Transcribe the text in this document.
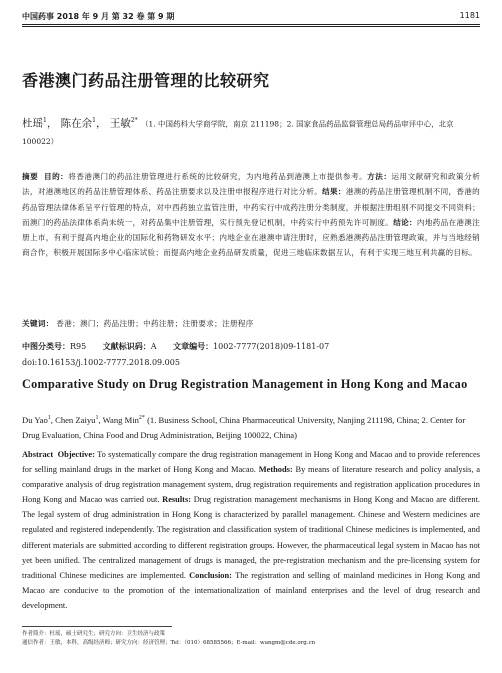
中国药事 2018 年 9 月 第 32 卷 第 9 期	1181
香港澳门药品注册管理的比较研究
杜瑶$^1$， 陈在余$^1$， 王敏$^{2*}$ （1. 中国药科大学商学院，南京 211198；2. 国家食品药品监督管理总局药品审评中心，北京 100022）
摘要 目的：将香港澳门的药品注册管理进行系统的比较研究，为内地药品到港澳上市提供参考。方法：运用文献研究和政策分析法，对港澳地区的药品注册管理体系、药品注册要求以及注册申报程序进行对比分析。结果：港澳的药品注册管理机制不同，香港的药品管理法律体系呈平行管理的特点，对中西药独立监管注册，中药实行中成药注册分类制度，并根据注册组别不同提交不同资料；而澳门的药品法律体系尚未统一，对药品集中注册管理，实行预先登记机制，中药实行中药预先许可制度。结论：内地药品在港澳注册上市，有利于提高内地企业的国际化和药物研发水平；内地企业在港澳申请注册时，应熟悉港澳药品注册管理政策，并与当地经销商合作，积极开展国际多中心临床试验；而提高内地企业药品研发质量，促进三地临床数据互认，有利于实现三地互利共赢的目标。
关键词： 香港；澳门；药品注册；中药注册；注册要求；注册程序
中图分类号：R95 文献标识码：A 文章编号：1002-7777(2018)09-1181-07
doi:10.16153/j.1002-7777.2018.09.005
Comparative Study on Drug Registration Management in Hong Kong and Macao
Du Yao$^1$, Chen Zaiyu$^1$, Wang Min$^{2*}$ (1. Business School, China Pharmaceutical University, Nanjing 211198, China; 2. Center for Drug Evaluation, China Food and Drug Administration, Beijing 100022, China)
Abstract Objective: To systematically compare the drug registration management in Hong Kong and Macao and to provide references for selling mainland drugs in the market of Hong Kong and Macao. Methods: By means of literature research and policy analysis, a comparative analysis of drug registration management system, drug registration requirements and registration application procedures in Hong Kong and Macao was carried out. Results: Drug registration management mechanisms in Hong Kong and Macao are different. The legal system of drug administration in Hong Kong is characterized by parallel management. Chinese and Western medicines are regulated and registered independently. The registration and classification system of traditional Chinese medicines is implemented, and different materials are submitted according to different registration groups. However, the pharmaceutical legal system in Macao has not yet been unified. The centralized management of drugs is managed, the pre-registration mechanism and the pre-licensing system for traditional Chinese medicines are implemented. Conclusion: The registration and selling of mainland medicines in Hong Kong and Macao are conducive to the promotion of the internationalization of mainland enterprises and the level of drug research and development.
作者简介：杜瑶，硕士研究生；研究方向：卫生经济与政策
通信作者：王敏，本科，高级经济师；研究方向：经济管理；Tel：（010）68585566；E-mail：wangm@cde.org.cn
